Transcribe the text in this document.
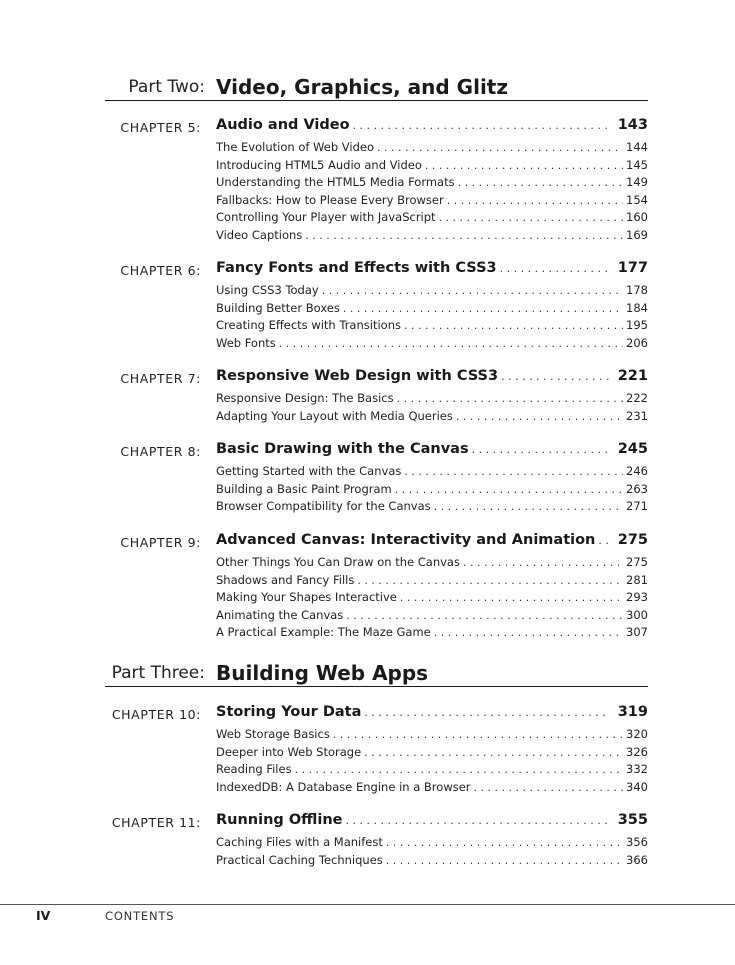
Part Two: Video, Graphics, and Glitz
CHAPTER 5: Audio and Video . . .	143
The Evolution of Web Video . . .	144
Introducing HTML5 Audio and Video . . .	145
Understanding the HTML5 Media Formats . . .	149
Fallbacks: How to Please Every Browser . . .	154
Controlling Your Player with JavaScript . . .	160
Video Captions . . .	169
CHAPTER 6: Fancy Fonts and Effects with CSS3 . . .	177
Using CSS3 Today . . .	178
Building Better Boxes . . .	184
Creating Effects with Transitions . . .	195
Web Fonts . . .	206
CHAPTER 7: Responsive Web Design with CSS3 . . .	221
Responsive Design: The Basics . . .	222
Adapting Your Layout with Media Queries . . .	231
CHAPTER 8: Basic Drawing with the Canvas . . .	245
Getting Started with the Canvas . . .	246
Building a Basic Paint Program . . .	263
Browser Compatibility for the Canvas . . .	271
CHAPTER 9: Advanced Canvas: Interactivity and Animation . . . 275
Other Things You Can Draw on the Canvas . . .	275
Shadows and Fancy Fills . . .	281
Making Your Shapes Interactive . . .	293
Animating the Canvas . . .	300
A Practical Example: The Maze Game . . .	307
Part Three: Building Web Apps
CHAPTER 10: Storing Your Data . . .	319
Web Storage Basics . . .	320
Deeper into Web Storage . . .	326
Reading Files . . .	332
IndexedDB: A Database Engine in a Browser . . .	340
CHAPTER 11: Running Offline . . .	355
Caching Files with a Manifest . . .	356
Practical Caching Techniques . . .	366
IV	CONTENTS
